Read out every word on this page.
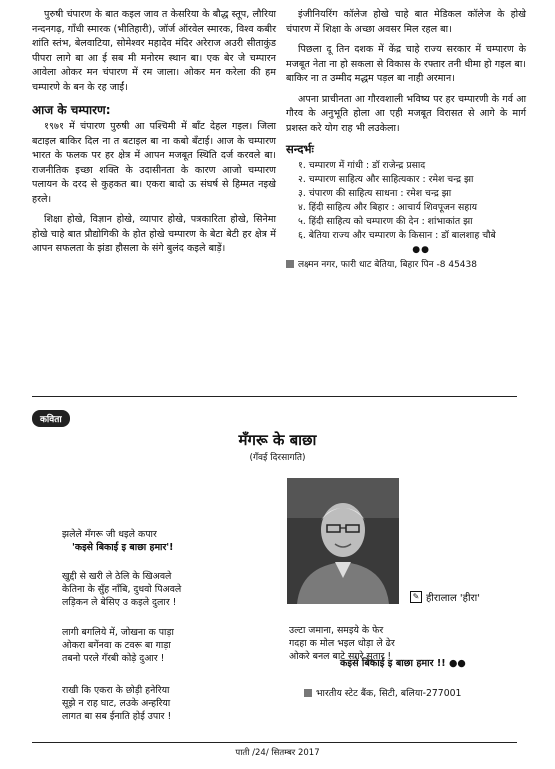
पुरुषी चंपारण के बात कइल जाव त केसरिया के बौद्ध स्तूप, लौरिया नन्दनगढ़, गाँधी स्मारक (भीतिहारी), जॉर्ज ऑरवेल स्मारक, विश्व कबीर शांति स्तंभ, बेलवाटिया, सोमेश्वर महादेव मंदिर अरेराज अउरी सीताकुंड पीपरा लागे बा आ ई सब मी मनोरम स्थान बा। एक बेर जे चम्पारन आवेला ओकर मन चंपारण में रम जाला। ओकर मन करेला की हम चम्पारणे के बन के रह जाईं।

आज के चम्पारण:

१९७१ में चंपारण पुरुषी आ पश्चिमी में बाँट देहल गइल। जिला बटाइल बाकिर दिल ना त बटाइल बा ना कबो बँटाई। आज के चम्पारण भारत के फलक पर हर क्षेत्र में आपन मजबूत स्थिति दर्ज करवले बा। राजनीतिक इच्छा शक्ति के उदासीनता के कारण आजो चम्पारण पलायन के दरद से कुहकत बा। एकरा बादो ऊ संघर्ष से हिम्मत नइखे हरले।

शिक्षा होखे, विज्ञान होखे, व्यापार होखे, पत्रकारिता होखे, सिनेमा होखे चाहे बात प्रौद्योगिकी के होत होखे चम्पारण के बेटा बेटी हर क्षेत्र में आपन सफलता के झंडा हौसला के संगे बुलंद कइले बाड़ें।

इंजीनियरिंग कॉलेज होखे चाहे बात मेडिकल कॉलेज के होखे चंपारण में शिक्षा के अच्छा अवसर मिल रहल बा।

पिछला दू तिन दशक में केंद्र चाहे राज्य सरकार में चम्पारण के मजबूत नेता ना हो सकला से विकास के रफ्तार तनी धीमा हो गइल बा। बाकिर ना त उम्मीद मद्धम पड़ल बा नाही अरमान।

अपना प्राचीनता आ गौरवशाली भविष्य पर हर चम्पारणी के गर्व आ गौरव के अनुभूति होला आ एही मजबूत विरासत से आगे के मार्ग प्रशस्त करे योग राह भी लउकेला।

सन्दर्भः
१. चम्पारण में गांधी : डॉ राजेन्द्र प्रसाद
२. चम्पारण साहित्य और साहित्यकार : रमेश चन्द्र झा
३. चंपारण की साहित्य साधना : रमेश चन्द्र झा
४. हिंदी साहित्य और बिहार : आचार्य शिवपूजन सहाय
५. हिंदी साहित्य को चम्पारण की देन : शांभाकांत झा
६. बेतिया राज्य और चम्पारण के किसान : डॉ बालशाह चौबे
●●
लक्ष्मन नगर, फारी धाट बेतिया, बिहार पिन -8 45438
कविता
मँगरू के बाछा
(गँवई दिरसागति)
✎ हीरालाल 'हीरा'
झलेले मँगरू जी धइले कपार
'कइसे बिकाई इ बाछा हमार'!
खुद्दी से खरी ले ठेलि के खिअवले
केतिना के सुँह नाँबि, दुधवो पिअवले
लड़िकन ले बेसिए उ कइले दुलार !
लागी बगलिये में, जोखना क पाड़ा
ओकरा बगेंनवा क टवरू बा गाड़ा
तबनो परले गँरबी कोड़े दुआर !
राखी कि एकरा के छोड़ी हनेरिया
सूझे न राह घाट, लउके अन्हरिया
लागत बा सब ईनाति होई उपार !
उल्टा जमाना, समइये के फेर
गदहा क मोल भइल धोड़ा ले ढेर
ओकरे बनल बाटे सगरे सुतार !
कइसे बिकाई इ बाछा हमार !! ●●
भारतीय स्टेट बैंक, सिटी, बलिया-277001
पाती /24/ सितम्बर 2017
